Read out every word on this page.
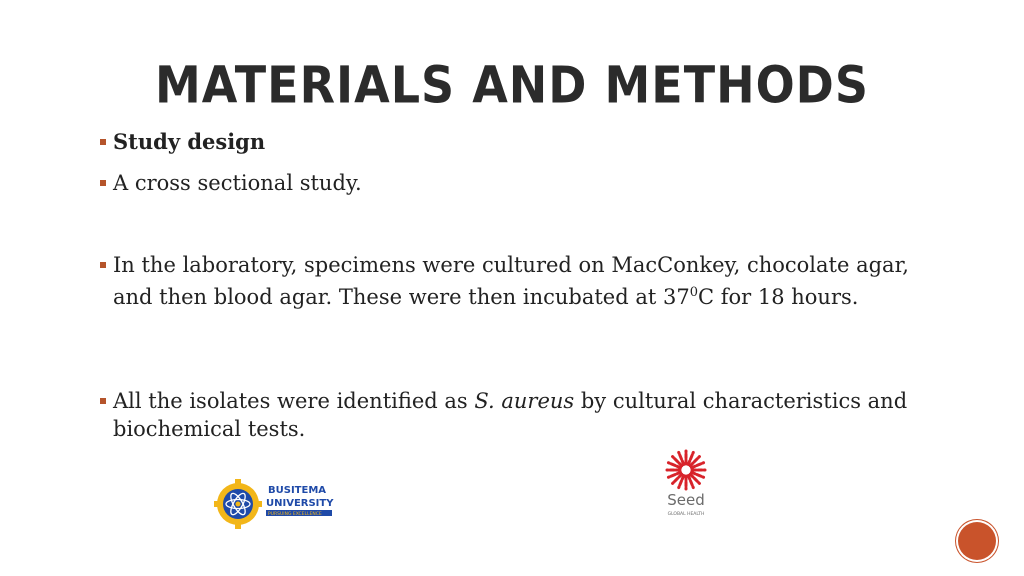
MATERIALS AND METHODS
Study design
A cross sectional study.
In the laboratory, specimens were cultured on MacConkey, chocolate agar, and then blood agar. These were then incubated at $37^0C$ for 18 hours.
All the isolates were identified as S. aureus by cultural characteristics and biochemical tests.
BUSITEMA
UNIVERSITY
PURSUING EXCELLENCE
Seed
GLOBAL HEALTH
